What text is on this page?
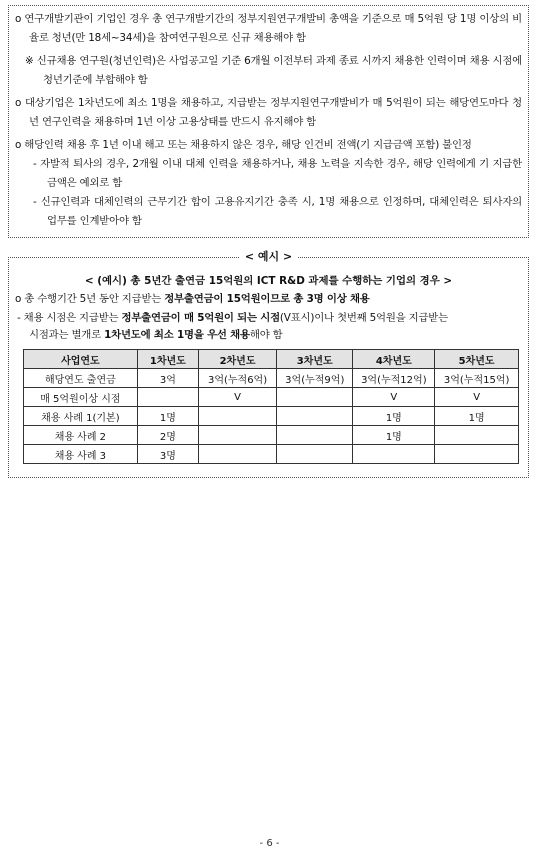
o 연구개발기관이 기업인 경우 총 연구개발기간의 정부지원연구개발비 총액을 기준으로 매 5억원 당 1명 이상의 비율로 청년(만 18세~34세)을 참여연구원으로 신규 채용해야 함
※ 신규채용 연구원(청년인력)은 사업공고일 기준 6개월 이전부터 과제 종료 시까지 채용한 인력이며 채용 시점에 청년기준에 부합해야 함
o 대상기업은 1차년도에 최소 1명을 채용하고, 지급받는 정부지원연구개발비가 매 5억원이 되는 해당연도마다 청년 연구인력을 채용하며 1년 이상 고용상태를 반드시 유지해야 함
o 해당인력 채용 후 1년 이내 해고 또는 채용하지 않은 경우, 해당 인건비 전액(기 지급금액 포함) 불인정
- 자발적 퇴사의 경우, 2개월 이내 대체 인력을 채용하거나, 채용 노력을 지속한 경우, 해당 인력에게 기 지급한 금액은 예외로 함
- 신규인력과 대체인력의 근무기간 합이 고용유지기간 충족 시, 1명 채용으로 인정하며, 대체인력은 퇴사자의 업무를 인계받아야 함
< 예시 >
< (예시) 총 5년간 출연금 15억원의 ICT R&D 과제를 수행하는 기업의 경우 >
o 총 수행기간 5년 동안 지급받는 정부출연금이 15억원이므로 총 3명 이상 채용
- 채용 시점은 지급받는 정부출연금이 매 5억원이 되는 시점(V표시)이나 첫번째 5억원을 지급받는
시점과는 별개로 1차년도에 최소 1명을 우선 채용해야 함
사업연도	1차년도	2차년도	3차년도	4차년도	5차년도
해당연도 출연금	3억	3억(누적6억)	3억(누적9억)	3억(누적12억)	3억(누적15억)
매 5억원이상 시점		V		V	V
채용 사례 1(기본)	1명			1명	1명
채용 사례 2	2명			1명	
채용 사례 3	3명				
- 6 -
